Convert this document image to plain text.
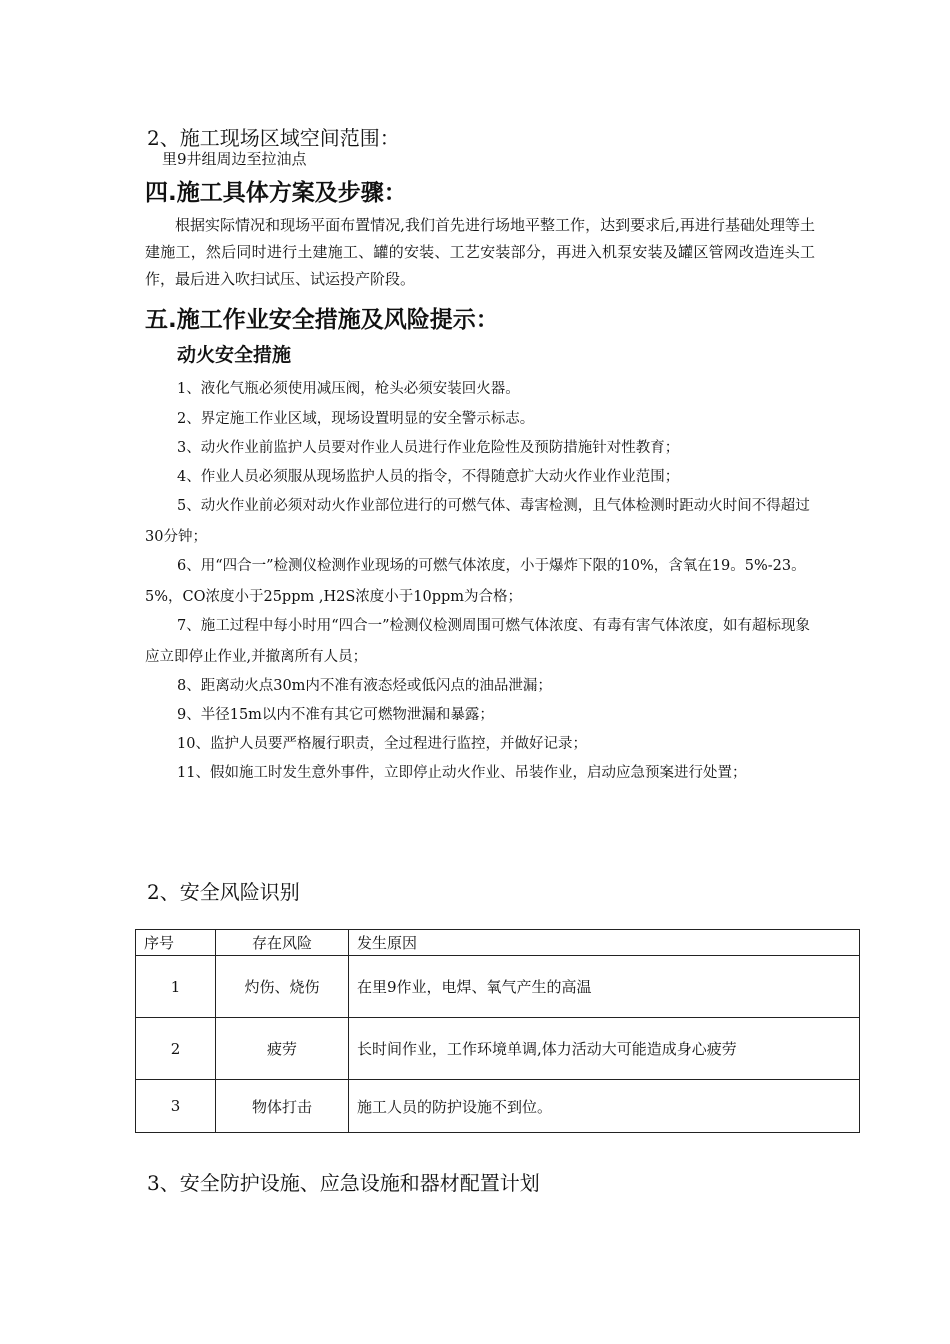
2、施工现场区域空间范围：
里9井组周边至拉油点
四.施工具体方案及步骤：
根据实际情况和现场平面布置情况,我们首先进行场地平整工作，达到要求后,再进行基础处理等土建施工，然后同时进行土建施工、罐的安装、工艺安装部分，再进入机泵安装及罐区管网改造连头工作，最后进入吹扫试压、试运投产阶段。
五.施工作业安全措施及风险提示：
动火安全措施
1、液化气瓶必须使用减压阀，枪头必须安装回火器。
2、界定施工作业区域，现场设置明显的安全警示标志。
3、动火作业前监护人员要对作业人员进行作业危险性及预防措施针对性教育；
4、作业人员必须服从现场监护人员的指令，不得随意扩大动火作业作业范围；
5、动火作业前必须对动火作业部位进行的可燃气体、毒害检测，且气体检测时距动火时间不得超过30分钟；
6、用“四合一”检测仪检测作业现场的可燃气体浓度，小于爆炸下限的10%，含氧在19。5%-23。5%，CO浓度小于25ppm ,H2S浓度小于10ppm为合格；
7、施工过程中每小时用“四合一”检测仪检测周围可燃气体浓度、有毒有害气体浓度，如有超标现象应立即停止作业,并撤离所有人员；
8、距离动火点30m内不准有液态烃或低闪点的油品泄漏；
9、半径15m以内不准有其它可燃物泄漏和暴露；
10、监护人员要严格履行职责，全过程进行监控，并做好记录；
11、假如施工时发生意外事件，立即停止动火作业、吊装作业，启动应急预案进行处置；
2、安全风险识别
序号	存在风险	发生原因
1	灼伤、烧伤	在里9作业，电焊、氧气产生的高温
2	疲劳	长时间作业，工作环境单调,体力活动大可能造成身心疲劳
3	物体打击	施工人员的防护设施不到位。
3、安全防护设施、应急设施和器材配置计划
